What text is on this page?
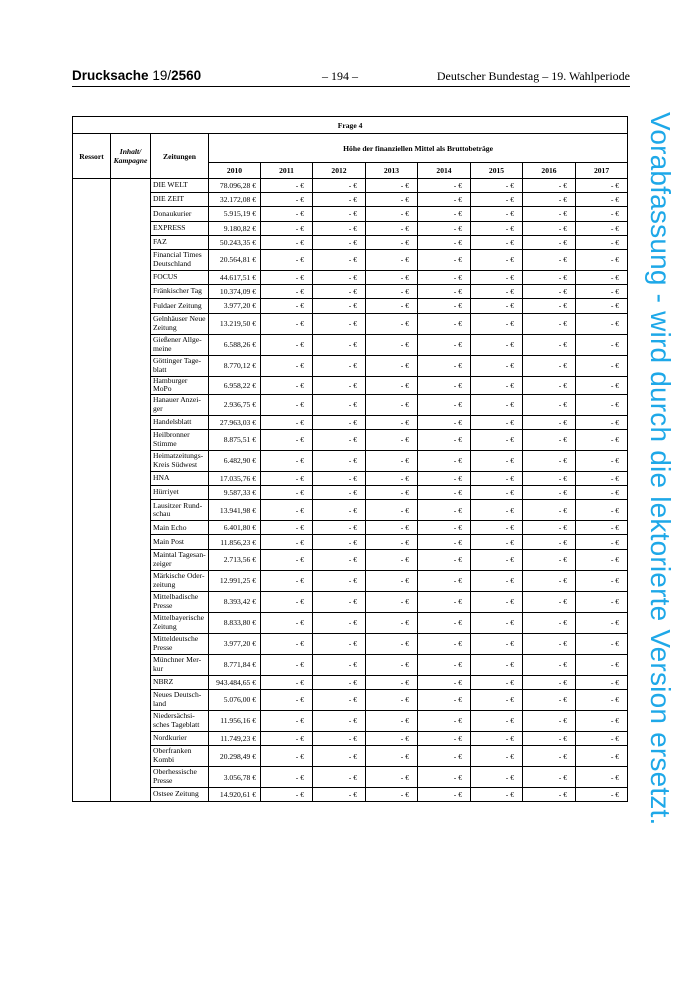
Drucksache 19/2560	– 194 –	Deutscher Bundestag – 19. Wahlperiode
Vorabfassung - wird durch die lektorierte Version ersetzt.
Frage 4										
Ressort	Inhalt/ Kampagne	Zeitungen	Höhe der finanziellen Mittel als Bruttobeträge							
			2010	2011	2012	2013	2014	2015	2016	2017
		DIE WELT	78.096,28 €	- €	- €	- €	- €	- €	- €	- €
		DIE ZEIT	32.172,08 €	- €	- €	- €	- €	- €	- €	- €
		Donaukurier	5.915,19 €	- €	- €	- €	- €	- €	- €	- €
		EXPRESS	9.180,82 €	- €	- €	- €	- €	- €	- €	- €
		FAZ	50.243,35 €	- €	- €	- €	- €	- €	- €	- €
		Financial Times Deutschland	20.564,81 €	- €	- €	- €	- €	- €	- €	- €
		FOCUS	44.617,51 €	- €	- €	- €	- €	- €	- €	- €
		Fränkischer Tag	10.374,09 €	- €	- €	- €	- €	- €	- €	- €
		Fuldaer Zeitung	3.977,20 €	- €	- €	- €	- €	- €	- €	- €
		Gelnhäuser Neue Zeitung	13.219,50 €	- €	- €	- €	- €	- €	- €	- €
		Gießener Allge-meine	6.588,26 €	- €	- €	- €	- €	- €	- €	- €
		Göttinger Tage-blatt	8.770,12 €	- €	- €	- €	- €	- €	- €	- €
		Hamburger MoPo	6.958,22 €	- €	- €	- €	- €	- €	- €	- €
		Hanauer Anzei-ger	2.936,75 €	- €	- €	- €	- €	- €	- €	- €
		Handelsblatt	27.963,03 €	- €	- €	- €	- €	- €	- €	- €
		Heilbronner Stimme	8.875,51 €	- €	- €	- €	- €	- €	- €	- €
		Heimatzeitungs-Kreis Südwest	6.482,90 €	- €	- €	- €	- €	- €	- €	- €
		HNA	17.035,76 €	- €	- €	- €	- €	- €	- €	- €
		Hürriyet	9.587,33 €	- €	- €	- €	- €	- €	- €	- €
		Lausitzer Rund-schau	13.941,98 €	- €	- €	- €	- €	- €	- €	- €
		Main Echo	6.401,80 €	- €	- €	- €	- €	- €	- €	- €
		Main Post	11.856,23 €	- €	- €	- €	- €	- €	- €	- €
		Maintal Tagesan-zeiger	2.713,56 €	- €	- €	- €	- €	- €	- €	- €
		Märkische Oder-zeitung	12.991,25 €	- €	- €	- €	- €	- €	- €	- €
		Mittelbadische Presse	8.393,42 €	- €	- €	- €	- €	- €	- €	- €
		Mittelbayerische Zeitung	8.833,80 €	- €	- €	- €	- €	- €	- €	- €
		Mitteldeutsche Presse	3.977,20 €	- €	- €	- €	- €	- €	- €	- €
		Münchner Mer-kur	8.771,84 €	- €	- €	- €	- €	- €	- €	- €
		NBRZ	943.484,65 €	- €	- €	- €	- €	- €	- €	- €
		Neues Deutsch-land	5.076,00 €	- €	- €	- €	- €	- €	- €	- €
		Niedersächsi-sches Tageblatt	11.956,16 €	- €	- €	- €	- €	- €	- €	- €
		Nordkurier	11.749,23 €	- €	- €	- €	- €	- €	- €	- €
		Oberfranken Kombi	20.298,49 €	- €	- €	- €	- €	- €	- €	- €
		Oberhessische Presse	3.056,78 €	- €	- €	- €	- €	- €	- €	- €
		Ostsee Zeitung	14.920,61 €	- €	- €	- €	- €	- €	- €	- €
